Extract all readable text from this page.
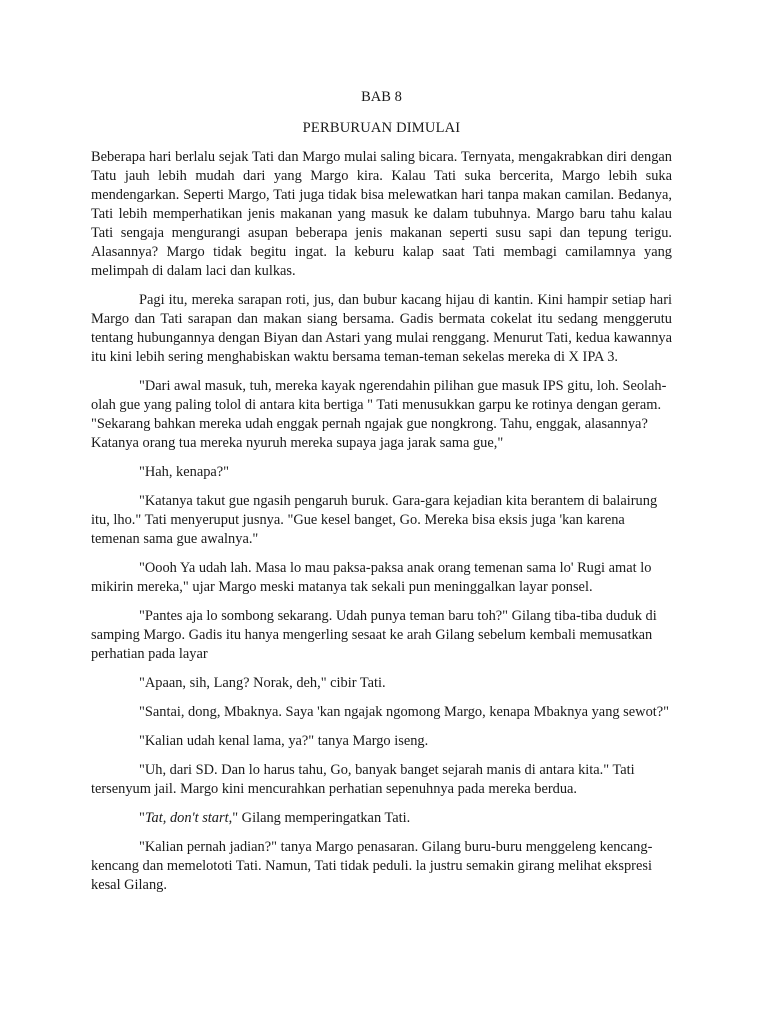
BAB 8
PERBURUAN DIMULAI

Beberapa hari berlalu sejak Tati dan Margo mulai saling bicara. Ternyata, mengakrabkan diri dengan Tatu jauh lebih mudah dari yang Margo kira. Kalau Tati suka bercerita, Margo lebih suka mendengarkan. Seperti Margo, Tati juga tidak bisa melewatkan hari tanpa makan camilan. Bedanya, Tati lebih memperhatikan jenis makanan yang masuk ke dalam tubuhnya. Margo baru tahu kalau Tati sengaja mengurangi asupan beberapa jenis makanan seperti susu sapi dan tepung terigu. Alasannya? Margo tidak begitu ingat. la keburu kalap saat Tati membagi camilamnya yang melimpah di dalam laci dan kulkas.

Pagi itu, mereka sarapan roti, jus, dan bubur kacang hijau di kantin. Kini hampir setiap hari Margo dan Tati sarapan dan makan siang bersama. Gadis bermata cokelat itu sedang menggerutu tentang hubungannya dengan Biyan dan Astari yang mulai renggang. Menurut Tati, kedua kawannya itu kini lebih sering menghabiskan waktu bersama teman-teman sekelas mereka di X IPA 3.

"Dari awal masuk, tuh, mereka kayak ngerendahin pilihan gue masuk IPS gitu, loh. Seolah-olah gue yang paling tolol di antara kita bertiga " Tati menusukkan garpu ke rotinya dengan geram. "Sekarang bahkan mereka udah enggak pernah ngajak gue nongkrong. Tahu, enggak, alasannya? Katanya orang tua mereka nyuruh mereka supaya jaga jarak sama gue,"

"Hah, kenapa?"

"Katanya takut gue ngasih pengaruh buruk. Gara-gara kejadian kita berantem di balairung itu, lho." Tati menyeruput jusnya. "Gue kesel banget, Go. Mereka bisa eksis juga 'kan karena temenan sama gue awalnya."

"Oooh Ya udah lah. Masa lo mau paksa-paksa anak orang temenan sama lo' Rugi amat lo mikirin mereka," ujar Margo meski matanya tak sekali pun meninggalkan layar ponsel.

"Pantes aja lo sombong sekarang. Udah punya teman baru toh?" Gilang tiba-tiba duduk di samping Margo. Gadis itu hanya mengerling sesaat ke arah Gilang sebelum kembali memusatkan perhatian pada layar

"Apaan, sih, Lang? Norak, deh," cibir Tati.

"Santai, dong, Mbaknya. Saya 'kan ngajak ngomong Margo, kenapa Mbaknya yang sewot?"

"Kalian udah kenal lama, ya?" tanya Margo iseng.

"Uh, dari SD. Dan lo harus tahu, Go, banyak banget sejarah manis di antara kita." Tati tersenyum jail. Margo kini mencurahkan perhatian sepenuhnya pada mereka berdua.

"Tat, don't start," Gilang memperingatkan Tati.

"Kalian pernah jadian?" tanya Margo penasaran. Gilang buru-buru menggeleng kencang-kencang dan memelototi Tati. Namun, Tati tidak peduli. la justru semakin girang melihat ekspresi kesal Gilang.
